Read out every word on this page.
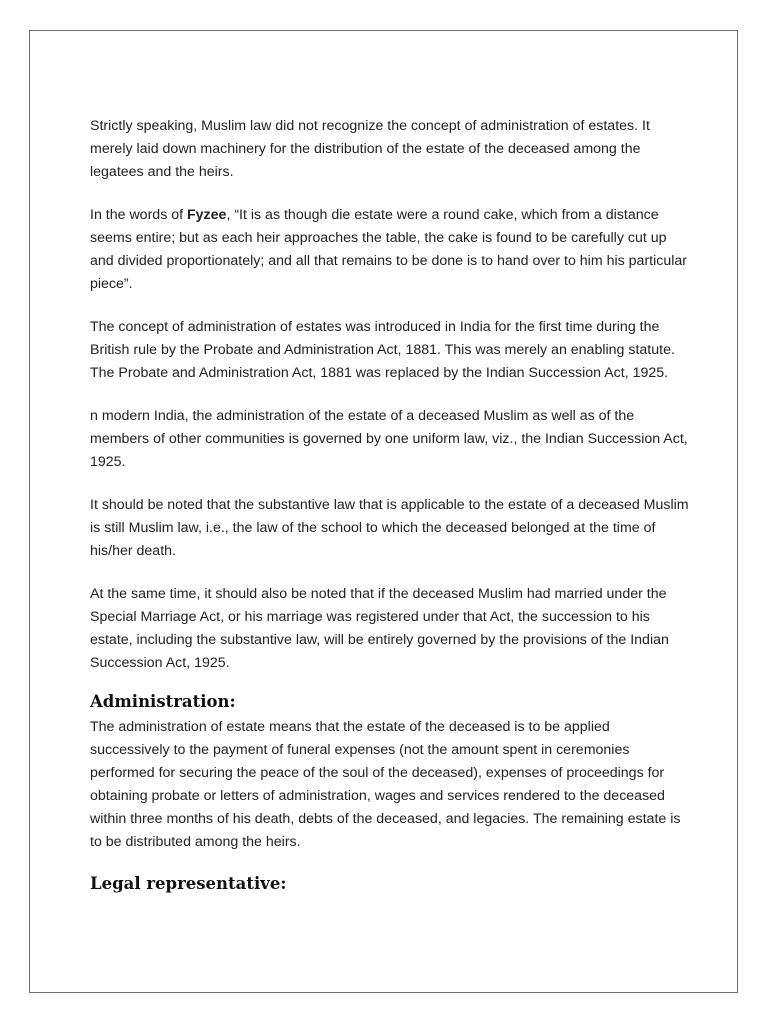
Strictly speaking, Muslim law did not recognize the concept of administration of estates. It merely laid down machinery for the distribution of the estate of the deceased among the legatees and the heirs.

In the words of Fyzee, “It is as though die estate were a round cake, which from a distance seems entire; but as each heir approaches the table, the cake is found to be carefully cut up and divided proportionately; and all that remains to be done is to hand over to him his particular piece”.

The concept of administration of estates was introduced in India for the first time during the British rule by the Probate and Administration Act, 1881. This was merely an enabling statute. The Probate and Administration Act, 1881 was replaced by the Indian Succession Act, 1925.

n modern India, the administration of the estate of a deceased Muslim as well as of the members of other communities is governed by one uniform law, viz., the Indian Succession Act, 1925.

It should be noted that the substantive law that is applicable to the estate of a deceased Muslim is still Muslim law, i.e., the law of the school to which the deceased belonged at the time of his/her death.

At the same time, it should also be noted that if the deceased Muslim had married under the Special Marriage Act, or his marriage was registered under that Act, the succession to his estate, including the substantive law, will be entirely governed by the provisions of the Indian Succession Act, 1925.

Administration:

The administration of estate means that the estate of the deceased is to be applied successively to the payment of funeral expenses (not the amount spent in ceremonies performed for securing the peace of the soul of the deceased), expenses of proceedings for obtaining probate or letters of administration, wages and services rendered to the deceased within three months of his death, debts of the deceased, and legacies. The remaining estate is to be distributed among the heirs.

Legal representative:
